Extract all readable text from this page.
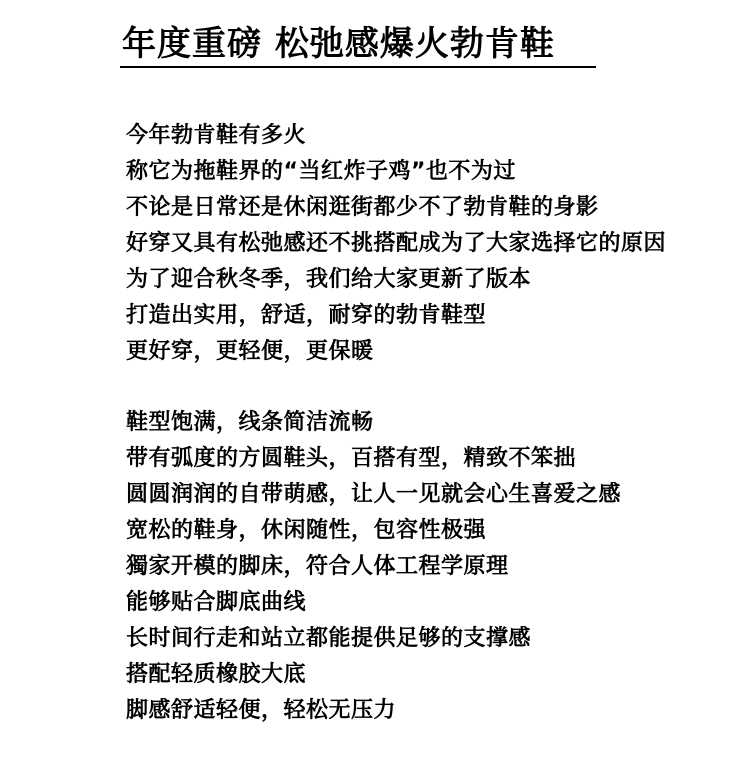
年度重磅 松弛感爆火勃肯鞋
今年勃肯鞋有多火
称它为拖鞋界的“当红炸子鸡”也不为过
不论是日常还是休闲逛街都少不了勃肯鞋的身影
好穿又具有松弛感还不挑搭配成为了大家选择它的原因
为了迎合秋冬季，我们给大家更新了版本
打造出实用，舒适，耐穿的勃肯鞋型
更好穿，更轻便，更保暖
鞋型饱满，线条简洁流畅
带有弧度的方圆鞋头，百搭有型，精致不笨拙
圆圆润润的自带萌感，让人一见就会心生喜爱之感
宽松的鞋身，休闲随性，包容性极强
獨家开模的脚床，符合人体工程学原理
能够贴合脚底曲线
长时间行走和站立都能提供足够的支撑感
搭配轻质橡胶大底
脚感舒适轻便，轻松无压力
